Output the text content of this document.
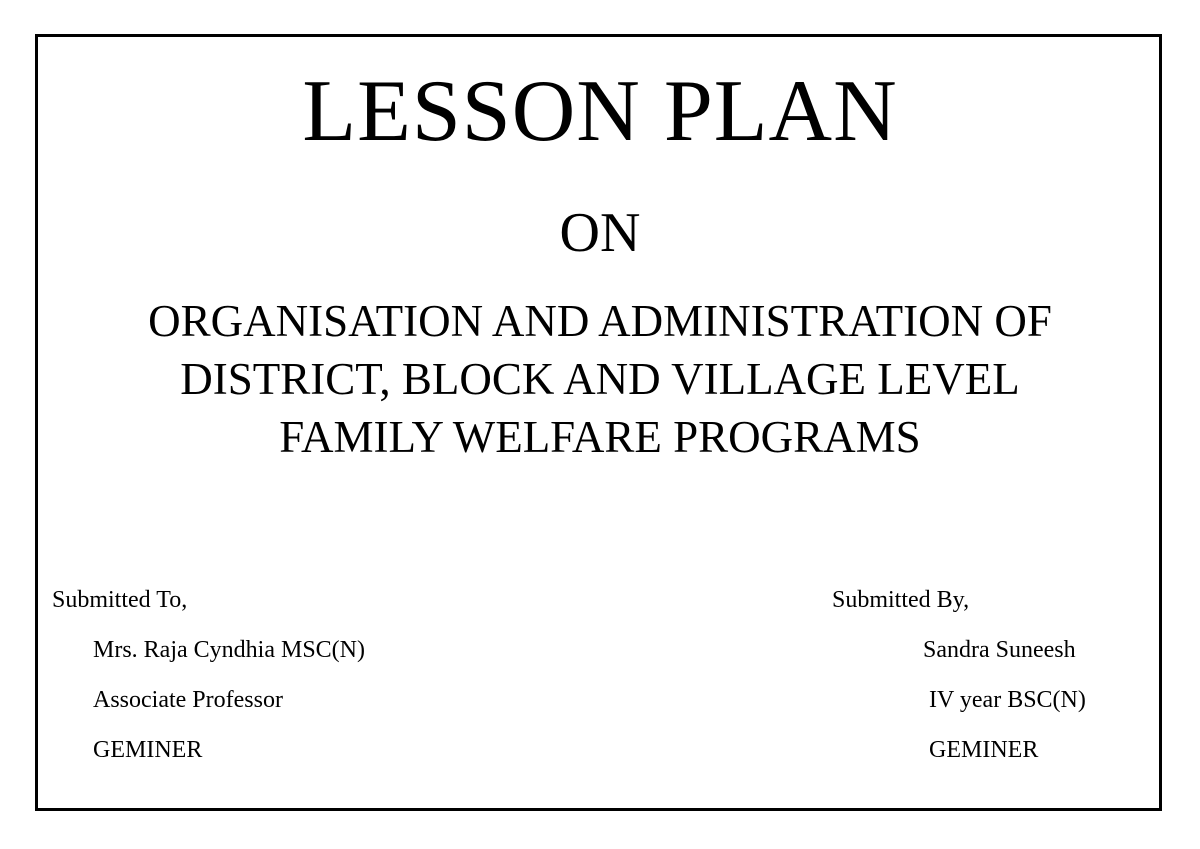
LESSON PLAN
ON
ORGANISATION AND ADMINISTRATION OF
DISTRICT, BLOCK AND VILLAGE LEVEL
FAMILY WELFARE PROGRAMS
Submitted To,
Mrs. Raja Cyndhia MSC(N)
Associate Professor
GEMINER
Submitted By,
Sandra Suneesh
IV year BSC(N)
GEMINER
